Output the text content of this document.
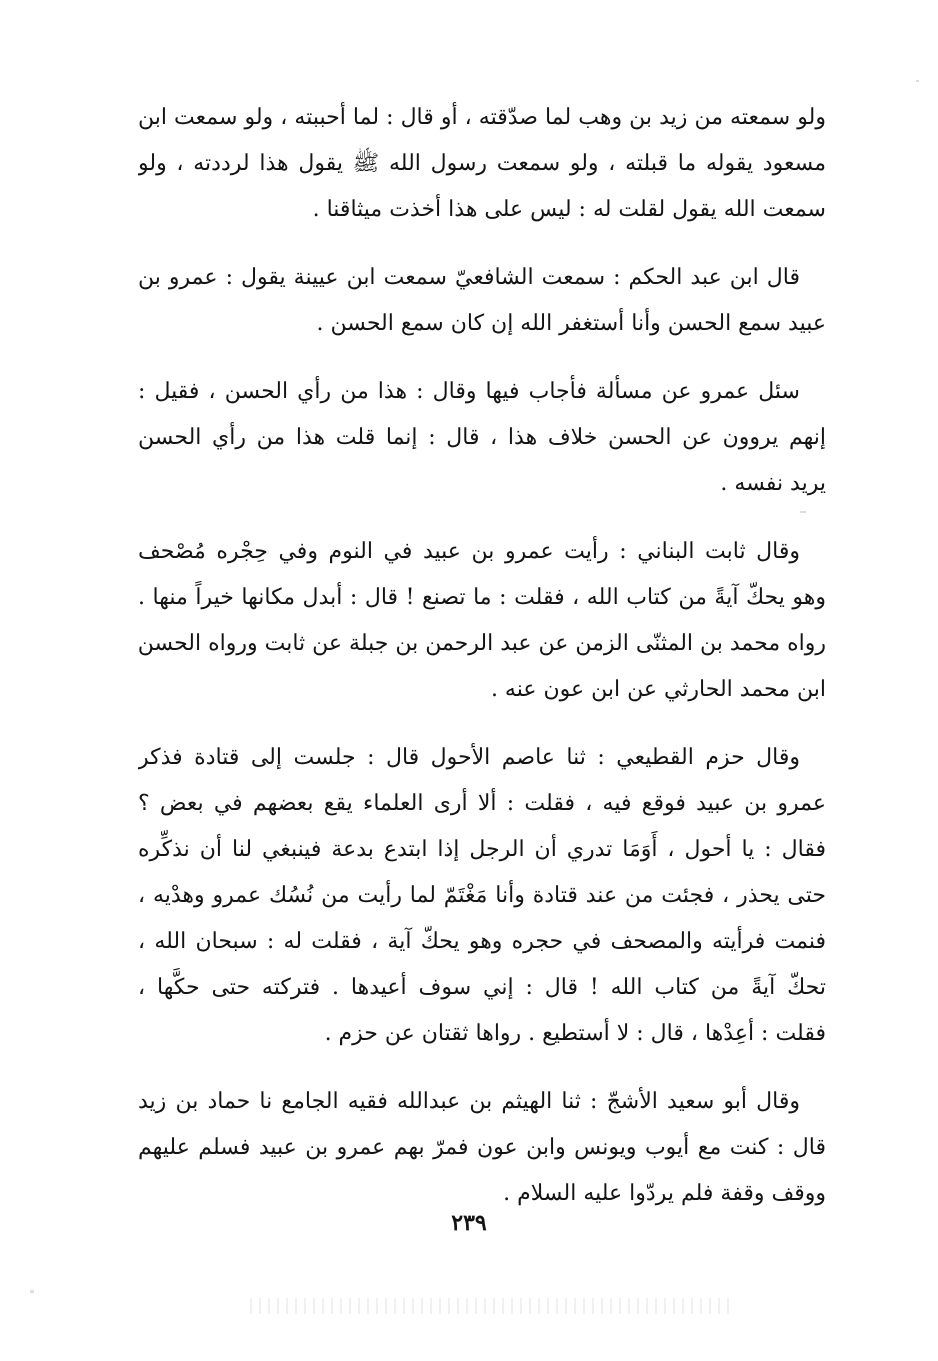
ولو سمعته من زيد بن وهب لما صدّقته ، أو قال : لما أحببته ، ولو سمعت ابن
مسعود يقوله ما قبلته ، ولو سمعت رسول الله ﷺ يقول هذا لرددته ، ولو
سمعت الله يقول لقلت له : ليس على هذا أخذت ميثاقنا .
قال ابن عبد الحكم : سمعت الشافعيّ سمعت ابن عيينة يقول : عمرو بن
عبيد سمع الحسن وأنا أستغفر الله إن كان سمع الحسن .
سئل عمرو عن مسألة فأجاب فيها وقال : هذا من رأي الحسن ، فقيل :
إنهم يروون عن الحسن خلاف هذا ، قال : إنما قلت هذا من رأي الحسن
يريد نفسه .
وقال ثابت البناني : رأيت عمرو بن عبيد في النوم وفي حِجْره مُصْحف
وهو يحكّ آيةً من كتاب الله ، فقلت : ما تصنع ! قال : أبدل مكانها خيراً منها .
رواه محمد بن المثنّى الزمن عن عبد الرحمن بن جبلة عن ثابت ورواه الحسن
ابن محمد الحارثي عن ابن عون عنه .
وقال حزم القطيعي : ثنا عاصم الأحول قال : جلست إلى قتادة فذكر
عمرو بن عبيد فوقع فيه ، فقلت : ألا أرى العلماء يقع بعضهم في بعض ؟
فقال : يا أحول ، أَوَمَا تدري أن الرجل إذا ابتدع بدعة فينبغي لنا أن نذكِّره
حتى يحذر ، فجئت من عند قتادة وأنا مَغْتَمّ لما رأيت من نُسُك عمرو وهدْيه ،
فنمت فرأيته والمصحف في حجره وهو يحكّ آية ، فقلت له : سبحان الله ،
تحكّ آيةً من كتاب الله ! قال : إني سوف أعيدها . فتركته حتى حكَّها ،
فقلت : أعِدْها ، قال : لا أستطيع . رواها ثقتان عن حزم .
وقال أبو سعيد الأشجّ : ثنا الهيثم بن عبدالله فقيه الجامع نا حماد بن زيد
قال : كنت مع أيوب ويونس وابن عون فمرّ بهم عمرو بن عبيد فسلم عليهم
ووقف وقفة فلم يردّوا عليه السلام .
٢٣٩
